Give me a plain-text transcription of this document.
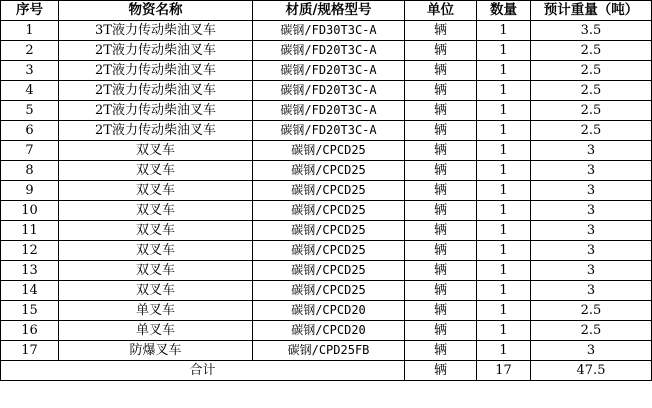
序号	物资名称	材质/规格型号	单位	数量	预计重量（吨）
1	3T液力传动柴油叉车	碳钢/FD30T3C-A	辆	1	3.5
2	2T液力传动柴油叉车	碳钢/FD20T3C-A	辆	1	2.5
3	2T液力传动柴油叉车	碳钢/FD20T3C-A	辆	1	2.5
4	2T液力传动柴油叉车	碳钢/FD20T3C-A	辆	1	2.5
5	2T液力传动柴油叉车	碳钢/FD20T3C-A	辆	1	2.5
6	2T液力传动柴油叉车	碳钢/FD20T3C-A	辆	1	2.5
7	双叉车	碳钢/CPCD25	辆	1	3
8	双叉车	碳钢/CPCD25	辆	1	3
9	双叉车	碳钢/CPCD25	辆	1	3
10	双叉车	碳钢/CPCD25	辆	1	3
11	双叉车	碳钢/CPCD25	辆	1	3
12	双叉车	碳钢/CPCD25	辆	1	3
13	双叉车	碳钢/CPCD25	辆	1	3
14	双叉车	碳钢/CPCD25	辆	1	3
15	单叉车	碳钢/CPCD20	辆	1	2.5
16	单叉车	碳钢/CPCD20	辆	1	2.5
17	防爆叉车	碳钢/CPD25FB	辆	1	3
合计			辆	17	47.5
